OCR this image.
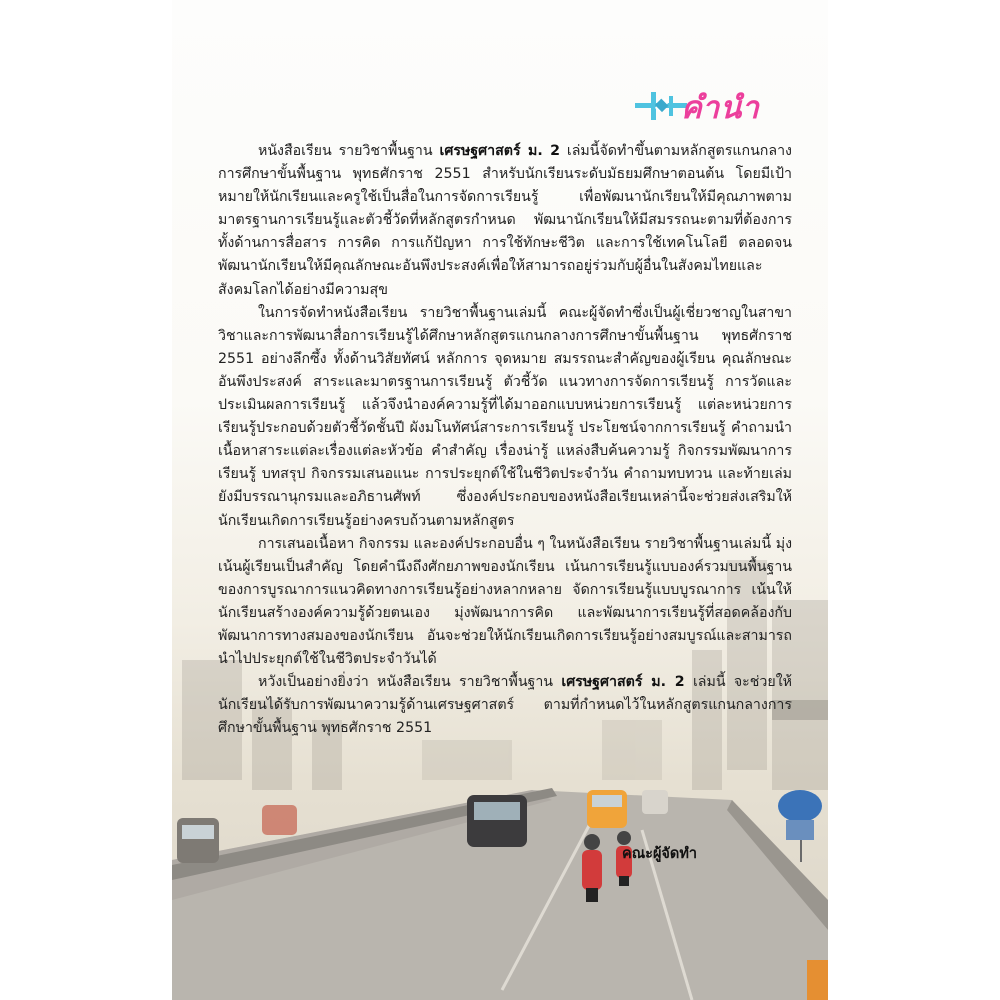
คำนำ

หนังสือเรียน รายวิชาพื้นฐาน เศรษฐศาสตร์ ม. 2 เล่มนี้จัดทำขึ้นตามหลักสูตรแกนกลางการศึกษาขั้นพื้นฐาน พุทธศักราช 2551 สำหรับนักเรียนระดับมัธยมศึกษาตอนต้น โดยมีเป้าหมายให้นักเรียนและครูใช้เป็นสื่อในการจัดการเรียนรู้ เพื่อพัฒนานักเรียนให้มีคุณภาพตามมาตรฐานการเรียนรู้และตัวชี้วัดที่หลักสูตรกำหนด พัฒนานักเรียนให้มีสมรรถนะตามที่ต้องการทั้งด้านการสื่อสาร การคิด การแก้ปัญหา การใช้ทักษะชีวิต และการใช้เทคโนโลยี ตลอดจนพัฒนานักเรียนให้มีคุณลักษณะอันพึงประสงค์เพื่อให้สามารถอยู่ร่วมกับผู้อื่นในสังคมไทยและสังคมโลกได้อย่างมีความสุข

ในการจัดทำหนังสือเรียน รายวิชาพื้นฐานเล่มนี้ คณะผู้จัดทำซึ่งเป็นผู้เชี่ยวชาญในสาขาวิชาและการพัฒนาสื่อการเรียนรู้ได้ศึกษาหลักสูตรแกนกลางการศึกษาขั้นพื้นฐาน พุทธศักราช 2551 อย่างลึกซึ้ง ทั้งด้านวิสัยทัศน์ หลักการ จุดหมาย สมรรถนะสำคัญของผู้เรียน คุณลักษณะอันพึงประสงค์ สาระและมาตรฐานการเรียนรู้ ตัวชี้วัด แนวทางการจัดการเรียนรู้ การวัดและประเมินผลการเรียนรู้ แล้วจึงนำองค์ความรู้ที่ได้มาออกแบบหน่วยการเรียนรู้ แต่ละหน่วยการเรียนรู้ประกอบด้วยตัวชี้วัดชั้นปี ผังมโนทัศน์สาระการเรียนรู้ ประโยชน์จากการเรียนรู้ คำถามนำ เนื้อหาสาระแต่ละเรื่องแต่ละหัวข้อ คำสำคัญ เรื่องน่ารู้ แหล่งสืบค้นความรู้ กิจกรรมพัฒนาการเรียนรู้ บทสรุป กิจกรรมเสนอแนะ การประยุกต์ใช้ในชีวิตประจำวัน คำถามทบทวน และท้ายเล่มยังมีบรรณานุกรมและอภิธานศัพท์ ซึ่งองค์ประกอบของหนังสือเรียนเหล่านี้จะช่วยส่งเสริมให้นักเรียนเกิดการเรียนรู้อย่างครบถ้วนตามหลักสูตร

การเสนอเนื้อหา กิจกรรม และองค์ประกอบอื่น ๆ ในหนังสือเรียน รายวิชาพื้นฐานเล่มนี้ มุ่งเน้นผู้เรียนเป็นสำคัญ โดยคำนึงถึงศักยภาพของนักเรียน เน้นการเรียนรู้แบบองค์รวมบนพื้นฐานของการบูรณาการแนวคิดทางการเรียนรู้อย่างหลากหลาย จัดการเรียนรู้แบบบูรณาการ เน้นให้นักเรียนสร้างองค์ความรู้ด้วยตนเอง มุ่งพัฒนาการคิด และพัฒนาการเรียนรู้ที่สอดคล้องกับพัฒนาการทางสมองของนักเรียน อันจะช่วยให้นักเรียนเกิดการเรียนรู้อย่างสมบูรณ์และสามารถนำไปประยุกต์ใช้ในชีวิตประจำวันได้

หวังเป็นอย่างยิ่งว่า หนังสือเรียน รายวิชาพื้นฐาน เศรษฐศาสตร์ ม. 2 เล่มนี้ จะช่วยให้นักเรียนได้รับการพัฒนาความรู้ด้านเศรษฐศาสตร์ ตามที่กำหนดไว้ในหลักสูตรแกนกลางการศึกษาขั้นพื้นฐาน พุทธศักราช 2551

คณะผู้จัดทำ
